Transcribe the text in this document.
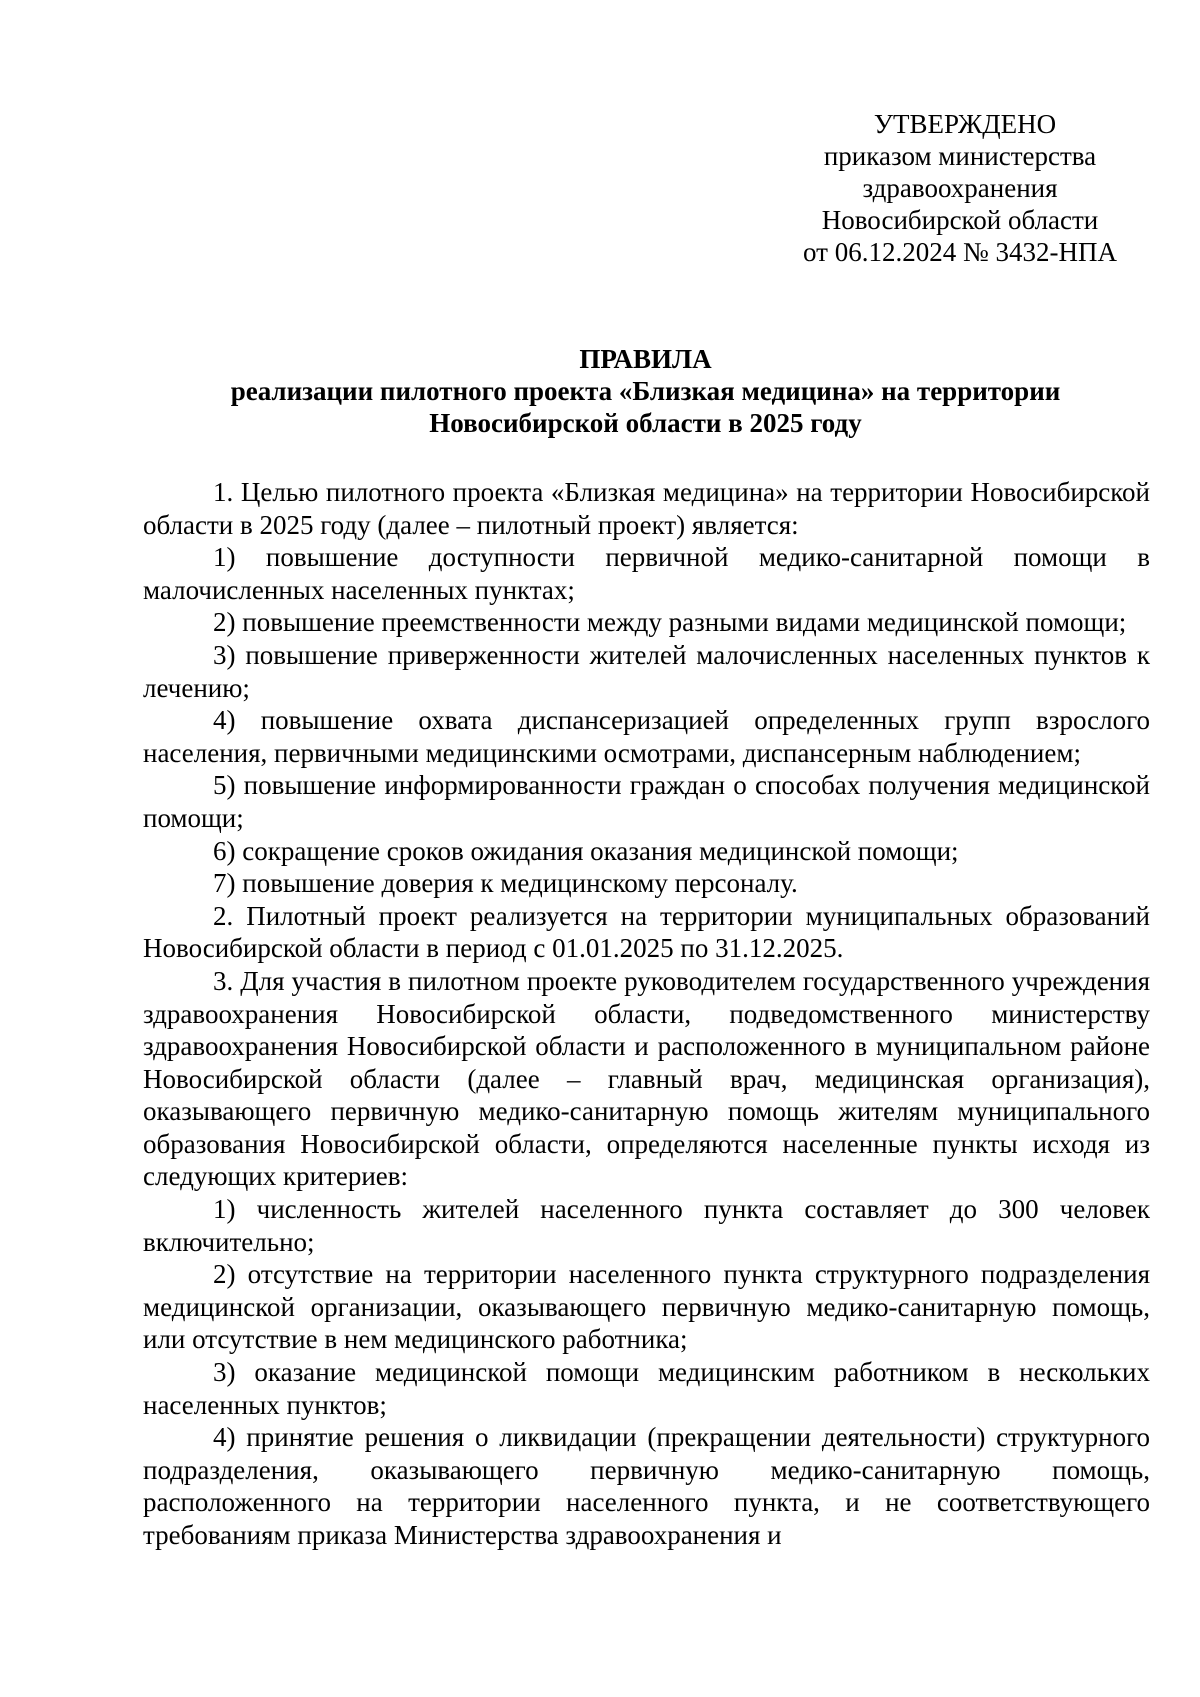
УТВЕРЖДЕНО
приказом министерства
здравоохранения
Новосибирской области
от 06.12.2024 № 3432-НПА
ПРАВИЛА
реализации пилотного проекта «Близкая медицина» на территории
Новосибирской области в 2025 году

1. Целью пилотного проекта «Близкая медицина» на территории Новосибирской области в 2025 году (далее – пилотный проект) является:

1) повышение доступности первичной медико-санитарной помощи в малочисленных населенных пунктах;

2) повышение преемственности между разными видами медицинской помощи;

3) повышение приверженности жителей малочисленных населенных пунктов к лечению;

4) повышение охвата диспансеризацией определенных групп взрослого населения, первичными медицинскими осмотрами, диспансерным наблюдением;

5) повышение информированности граждан о способах получения медицинской помощи;

6) сокращение сроков ожидания оказания медицинской помощи;

7) повышение доверия к медицинскому персоналу.

2. Пилотный проект реализуется на территории муниципальных образований Новосибирской области в период с 01.01.2025 по 31.12.2025.

3. Для участия в пилотном проекте руководителем государственного учреждения здравоохранения Новосибирской области, подведомственного министерству здравоохранения Новосибирской области и расположенного в муниципальном районе Новосибирской области (далее – главный врач, медицинская организация), оказывающего первичную медико-санитарную помощь жителям муниципального образования Новосибирской области, определяются населенные пункты исходя из следующих критериев:

1) численность жителей населенного пункта составляет до 300 человек включительно;

2) отсутствие на территории населенного пункта структурного подразделения медицинской организации, оказывающего первичную медико-санитарную помощь, или отсутствие в нем медицинского работника;

3) оказание медицинской помощи медицинским работником в нескольких населенных пунктов;

4) принятие решения о ликвидации (прекращении деятельности) структурного подразделения, оказывающего первичную медико-санитарную помощь, расположенного на территории населенного пункта, и не соответствующего требованиям приказа Министерства здравоохранения и
